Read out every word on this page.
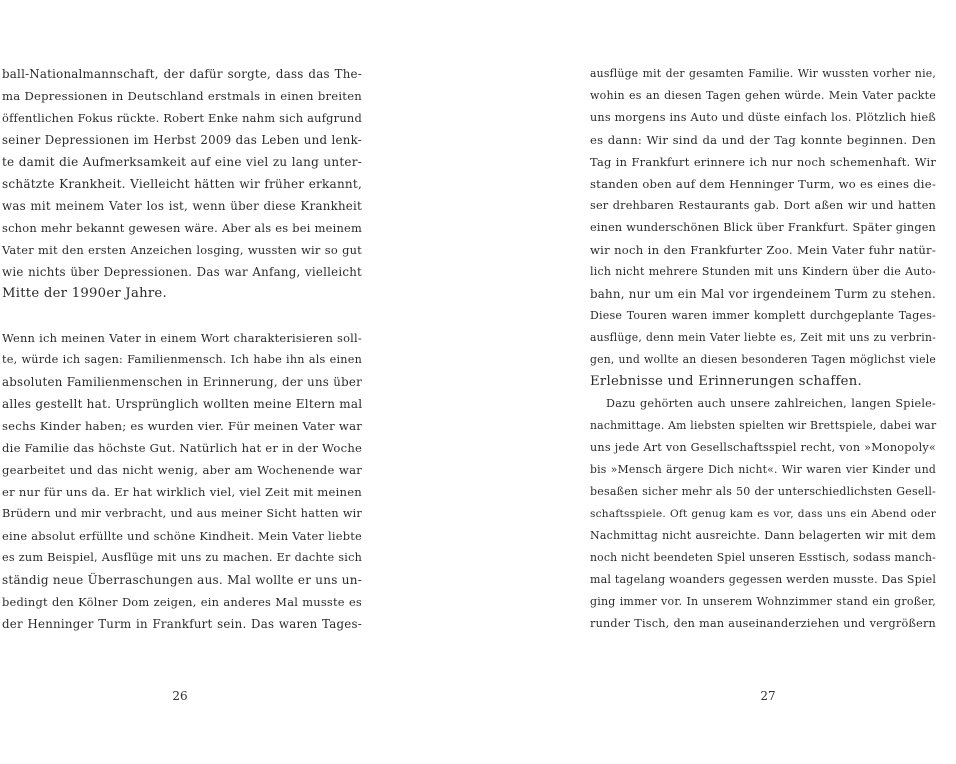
ball-Nationalmannschaft, der dafür sorgte, dass das The-
ma Depressionen in Deutschland erstmals in einen breiten
öffentlichen Fokus rückte. Robert Enke nahm sich aufgrund
seiner Depressionen im Herbst 2009 das Leben und lenk-
te damit die Aufmerksamkeit auf eine viel zu lang unter-
schätzte Krankheit. Vielleicht hätten wir früher erkannt,
was mit meinem Vater los ist, wenn über diese Krankheit
schon mehr bekannt gewesen wäre. Aber als es bei meinem
Vater mit den ersten Anzeichen losging, wussten wir so gut
wie nichts über Depressionen. Das war Anfang, vielleicht
Mitte der 1990er Jahre.
Wenn ich meinen Vater in einem Wort charakterisieren soll-
te, würde ich sagen: Familienmensch. Ich habe ihn als einen
absoluten Familienmenschen in Erinnerung, der uns über
alles gestellt hat. Ursprünglich wollten meine Eltern mal
sechs Kinder haben; es wurden vier. Für meinen Vater war
die Familie das höchste Gut. Natürlich hat er in der Woche
gearbeitet und das nicht wenig, aber am Wochenende war
er nur für uns da. Er hat wirklich viel, viel Zeit mit meinen
Brüdern und mir verbracht, und aus meiner Sicht hatten wir
eine absolut erfüllte und schöne Kindheit. Mein Vater liebte
es zum Beispiel, Ausflüge mit uns zu machen. Er dachte sich
ständig neue Überraschungen aus. Mal wollte er uns un-
bedingt den Kölner Dom zeigen, ein anderes Mal musste es
der Henninger Turm in Frankfurt sein. Das waren Tages-
26
ausflüge mit der gesamten Familie. Wir wussten vorher nie,
wohin es an diesen Tagen gehen würde. Mein Vater packte
uns morgens ins Auto und düste einfach los. Plötzlich hieß
es dann: Wir sind da und der Tag konnte beginnen. Den
Tag in Frankfurt erinnere ich nur noch schemenhaft. Wir
standen oben auf dem Henninger Turm, wo es eines die-
ser drehbaren Restaurants gab. Dort aßen wir und hatten
einen wunderschönen Blick über Frankfurt. Später gingen
wir noch in den Frankfurter Zoo. Mein Vater fuhr natür-
lich nicht mehrere Stunden mit uns Kindern über die Auto-
bahn, nur um ein Mal vor irgendeinem Turm zu stehen.
Diese Touren waren immer komplett durchgeplante Tages-
ausflüge, denn mein Vater liebte es, Zeit mit uns zu verbrin-
gen, und wollte an diesen besonderen Tagen möglichst viele
Erlebnisse und Erinnerungen schaffen.
Dazu gehörten auch unsere zahlreichen, langen Spiele-
nachmittage. Am liebsten spielten wir Brettspiele, dabei war
uns jede Art von Gesellschaftsspiel recht, von »Monopoly«
bis »Mensch ärgere Dich nicht«. Wir waren vier Kinder und
besaßen sicher mehr als 50 der unterschiedlichsten Gesell-
schaftsspiele. Oft genug kam es vor, dass uns ein Abend oder
Nachmittag nicht ausreichte. Dann belagerten wir mit dem
noch nicht beendeten Spiel unseren Esstisch, sodass manch-
mal tagelang woanders gegessen werden musste. Das Spiel
ging immer vor. In unserem Wohnzimmer stand ein großer,
runder Tisch, den man auseinanderziehen und vergrößern
27
